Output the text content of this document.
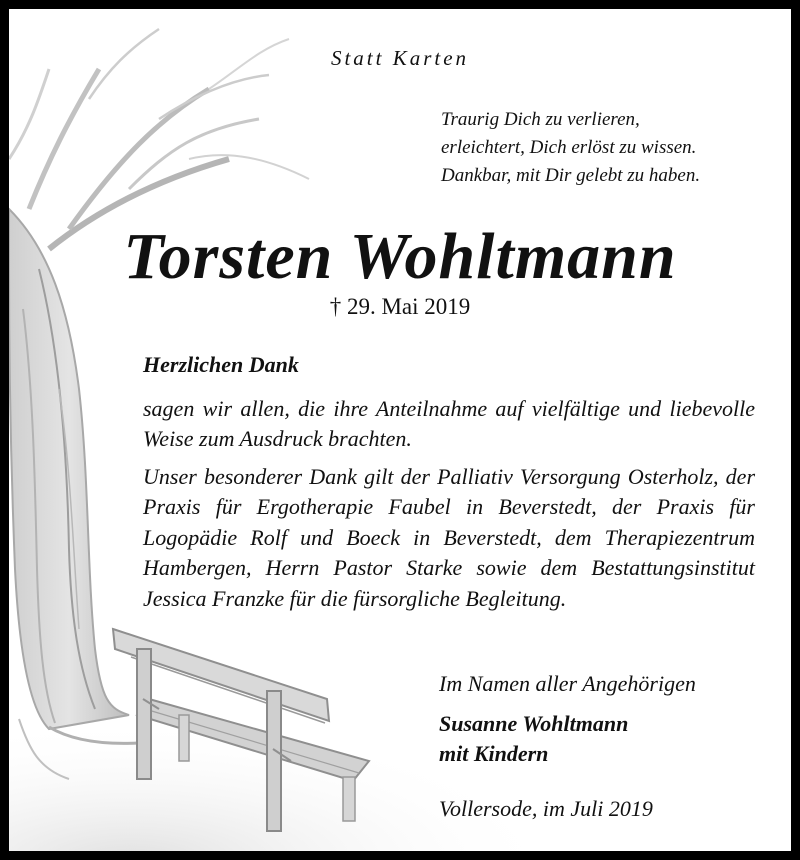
Statt Karten
Traurig Dich zu verlieren,
erleichtert, Dich erlöst zu wissen.
Dankbar, mit Dir gelebt zu haben.
Torsten Wohltmann
† 29. Mai 2019
Herzlichen Dank
sagen wir allen, die ihre Anteilnahme auf vielfältige und liebevolle Weise zum Ausdruck brachten.
Unser besonderer Dank gilt der Palliativ Versorgung Osterholz, der Praxis für Ergotherapie Faubel in Beverstedt, der Praxis für Logopädie Rolf und Boeck in Beverstedt, dem Therapiezentrum Hambergen, Herrn Pastor Starke sowie dem Bestattungsinstitut Jessica Franzke für die fürsorgliche Begleitung.
Im Namen aller Angehörigen
Susanne Wohltmann
mit Kindern
Vollersode, im Juli 2019
